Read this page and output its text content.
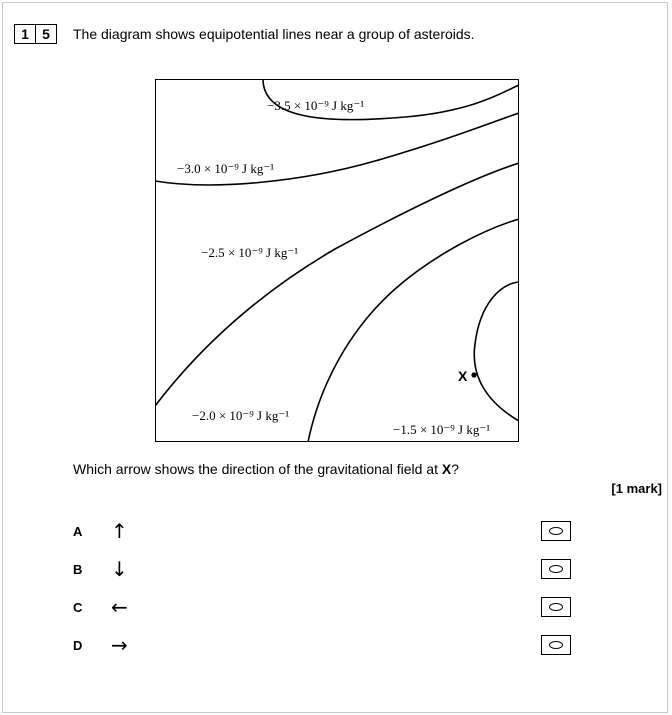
1 5	The diagram shows equipotential lines near a group of asteroids.
X
−3.5 × 10⁻⁹ J kg⁻¹
−3.0 × 10⁻⁹ J kg⁻¹
−2.5 × 10⁻⁹ J kg⁻¹
−2.0 × 10⁻⁹ J kg⁻¹
−1.5 × 10⁻⁹ J kg⁻¹
Which arrow shows the direction of the gravitational field at X?
[1 mark]
A ↑
B ↓
C ←
D →
